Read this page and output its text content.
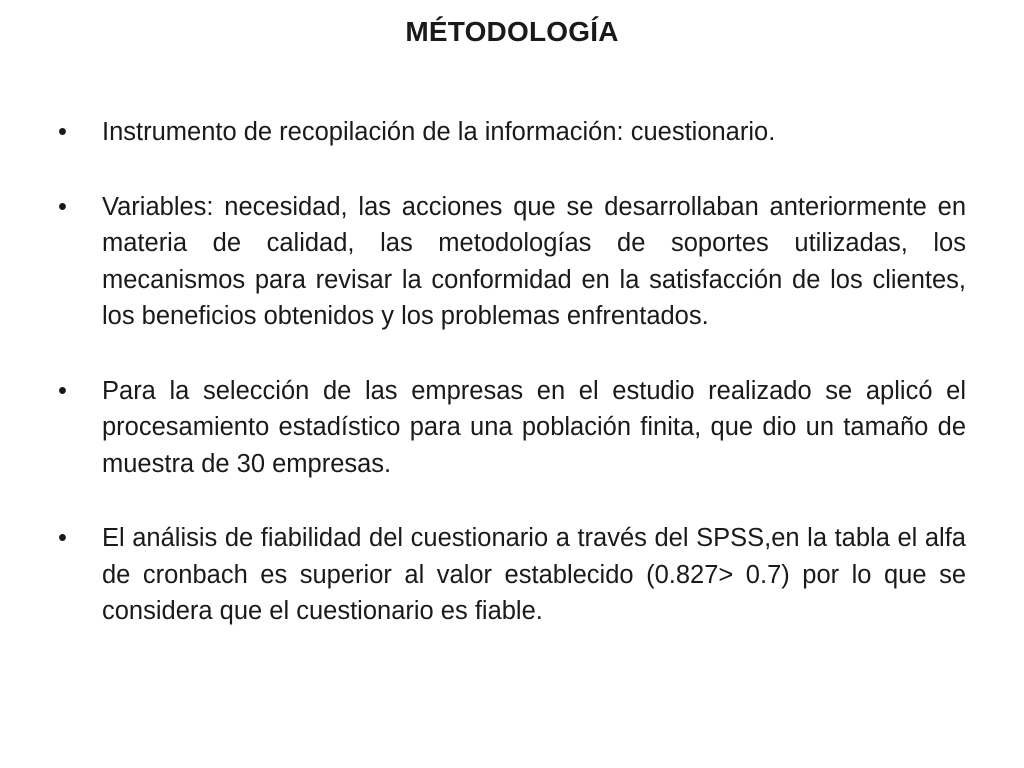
MÉTODOLOGÍA
•	Instrumento de recopilación de la información: cuestionario.
•	Variables: necesidad, las acciones que se desarrollaban anteriormente en materia de calidad, las metodologías de soportes utilizadas, los mecanismos para revisar la conformidad en la satisfacción de los clientes, los beneficios obtenidos y los problemas enfrentados.
•	Para la selección de las empresas en el estudio realizado se aplicó el procesamiento estadístico para una población finita, que dio un tamaño de muestra de 30 empresas.
•	El análisis de fiabilidad del cuestionario a través del SPSS,en la tabla el alfa de cronbach es superior al valor establecido (0.827> 0.7) por lo que se considera que el cuestionario es fiable.
